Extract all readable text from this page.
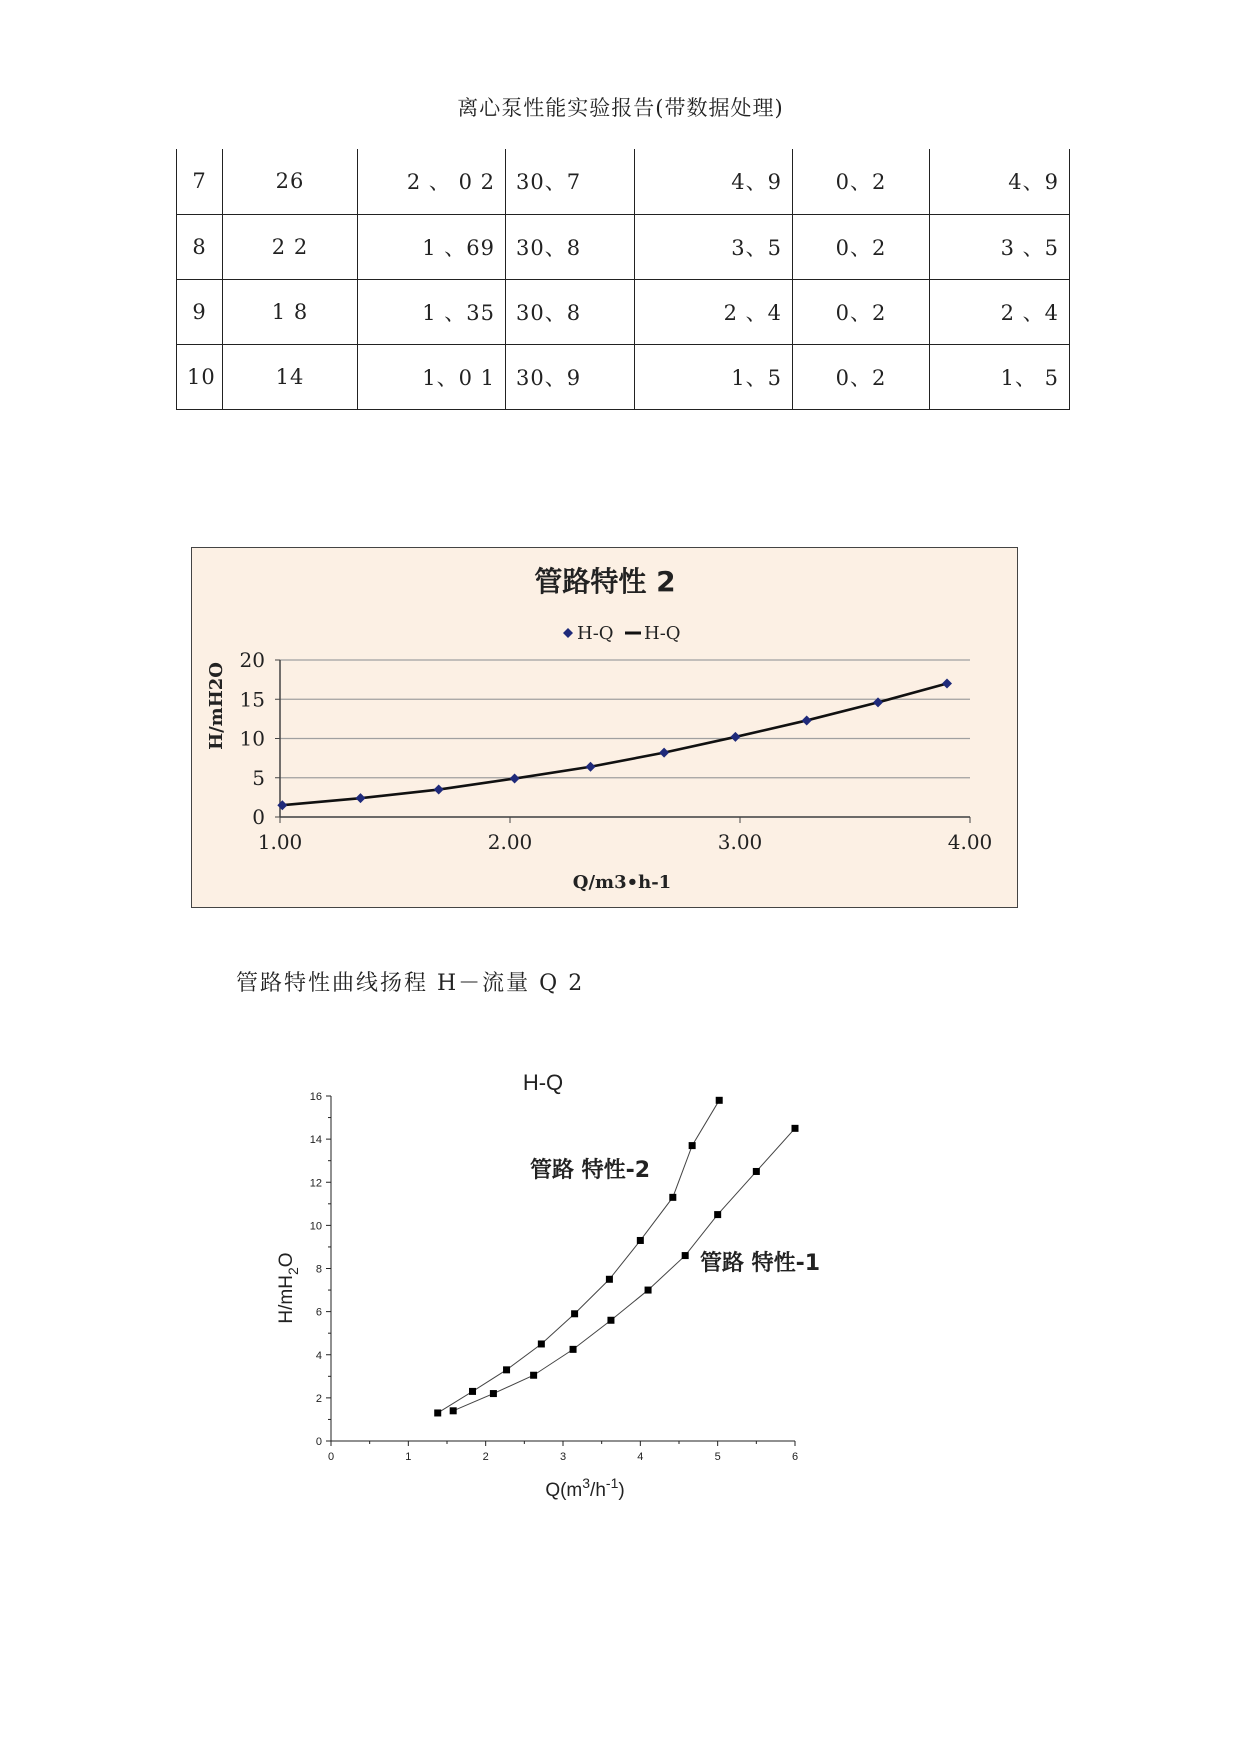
离心泵性能实验报告(带数据处理)
7	26	2 、 0 2	30、7	4、9	0、2	4、9
8	2 2	1 、69	30、8	3、5	0、2	3 、5
9	1 8	1 、35	30、8	2 、4	0、2	2 、4
10	14	1、0 1	30、9	1、5	0、2	1、 5
管路特性 2
H-Q H-Q
0
5
10
15
20
1.00	2.00	3.00	4.00
Q/m3•h-1
H/mH2O
管路特性曲线扬程 H－流量 Q 2
H-Q
0
2
4
6
8
10
12
14
16
0	1	2	3	4	5	6
管路 特性-2
管路 特性-1
$Q(m^3/h^{-1})$
$H/mH_2O$
